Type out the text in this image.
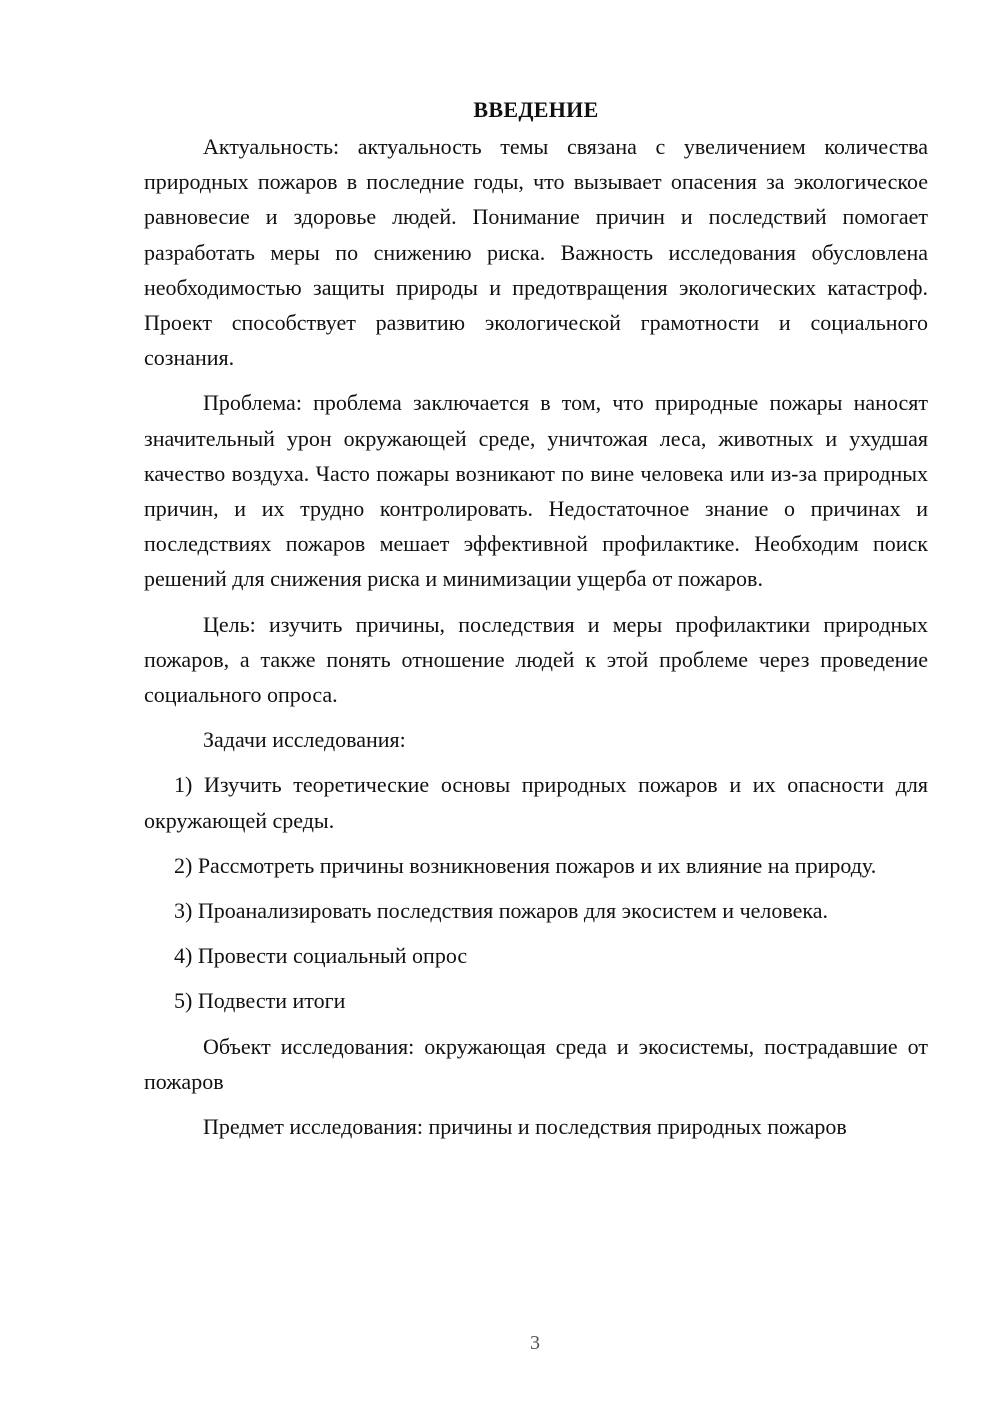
ВВЕДЕНИЕ

Актуальность: актуальность темы связана с увеличением количества природных пожаров в последние годы, что вызывает опасения за экологическое равновесие и здоровье людей. Понимание причин и последствий помогает разработать меры по снижению риска. Важность исследования обусловлена необходимостью защиты природы и предотвращения экологических катастроф. Проект способствует развитию экологической грамотности и социального сознания.

Проблема: проблема заключается в том, что природные пожары наносят значительный урон окружающей среде, уничтожая леса, животных и ухудшая качество воздуха. Часто пожары возникают по вине человека или из-за природных причин, и их трудно контролировать. Недостаточное знание о причинах и последствиях пожаров мешает эффективной профилактике. Необходим поиск решений для снижения риска и минимизации ущерба от пожаров.

Цель: изучить причины, последствия и меры профилактики природных пожаров, а также понять отношение людей к этой проблеме через проведение социального опроса.

Задачи исследования:

1) Изучить теоретические основы природных пожаров и их опасности для окружающей среды.

2) Рассмотреть причины возникновения пожаров и их влияние на природу.

3) Проанализировать последствия пожаров для экосистем и человека.

4) Провести социальный опрос

5) Подвести итоги

Объект исследования: окружающая среда и экосистемы, пострадавшие от пожаров

Предмет исследования: причины и последствия природных пожаров

3
